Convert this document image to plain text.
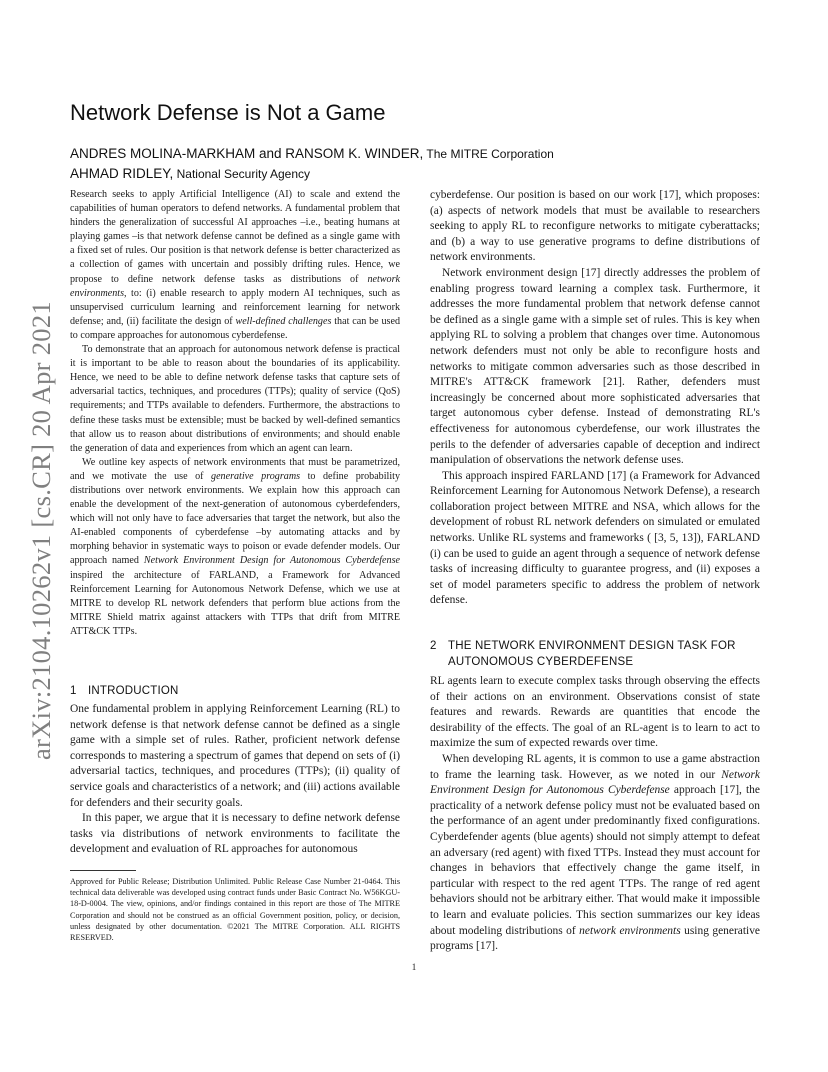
arXiv:2104.10262v1 [cs.CR] 20 Apr 2021
Network Defense is Not a Game
ANDRES MOLINA-MARKHAM and RANSOM K. WINDER, The MITRE Corporation
AHMAD RIDLEY, National Security Agency

Research seeks to apply Artificial Intelligence (AI) to scale and extend the capabilities of human operators to defend networks. A fundamental problem that hinders the generalization of successful AI approaches –i.e., beating humans at playing games –is that network defense cannot be defined as a single game with a fixed set of rules. Our position is that network defense is better characterized as a collection of games with uncertain and possibly drifting rules. Hence, we propose to define network defense tasks as distributions of network environments, to: (i) enable research to apply modern AI techniques, such as unsupervised curriculum learning and reinforcement learning for network defense; and, (ii) facilitate the design of well-defined challenges that can be used to compare approaches for autonomous cyberdefense.

To demonstrate that an approach for autonomous network defense is practical it is important to be able to reason about the boundaries of its applicability. Hence, we need to be able to define network defense tasks that capture sets of adversarial tactics, techniques, and procedures (TTPs); quality of service (QoS) requirements; and TTPs available to defenders. Furthermore, the abstractions to define these tasks must be extensible; must be backed by well-defined semantics that allow us to reason about distributions of environments; and should enable the generation of data and experiences from which an agent can learn.

We outline key aspects of network environments that must be parametrized, and we motivate the use of generative programs to define probability distributions over network environments. We explain how this approach can enable the development of the next-generation of autonomous cyberdefenders, which will not only have to face adversaries that target the network, but also the AI-enabled components of cyberdefense –by automating attacks and by morphing behavior in systematic ways to poison or evade defender models. Our approach named Network Environment Design for Autonomous Cyberdefense inspired the architecture of FARLAND, a Framework for Advanced Reinforcement Learning for Autonomous Network Defense, which we use at MITRE to develop RL network defenders that perform blue actions from the MITRE Shield matrix against attackers with TTPs that drift from MITRE ATT&CK TTPs.

1 INTRODUCTION

One fundamental problem in applying Reinforcement Learning (RL) to network defense is that network defense cannot be defined as a single game with a simple set of rules. Rather, proficient network defense corresponds to mastering a spectrum of games that depend on sets of (i) adversarial tactics, techniques, and procedures (TTPs); (ii) quality of service goals and characteristics of a network; and (iii) actions available for defenders and their security goals.

In this paper, we argue that it is necessary to define network defense tasks via distributions of network environments to facilitate the development and evaluation of RL approaches for autonomous

Approved for Public Release; Distribution Unlimited. Public Release Case Number 21-0464. This technical data deliverable was developed using contract funds under Basic Contract No. W56KGU-18-D-0004. The view, opinions, and/or findings contained in this report are those of The MITRE Corporation and should not be construed as an official Government position, policy, or decision, unless designated by other documentation. ©2021 The MITRE Corporation. ALL RIGHTS RESERVED.

cyberdefense. Our position is based on our work [17], which proposes: (a) aspects of network models that must be available to researchers seeking to apply RL to reconfigure networks to mitigate cyberattacks; and (b) a way to use generative programs to define distributions of network environments.

Network environment design [17] directly addresses the problem of enabling progress toward learning a complex task. Furthermore, it addresses the more fundamental problem that network defense cannot be defined as a single game with a simple set of rules. This is key when applying RL to solving a problem that changes over time. Autonomous network defenders must not only be able to reconfigure hosts and networks to mitigate common adversaries such as those described in MITRE's ATT&CK framework [21]. Rather, defenders must increasingly be concerned about more sophisticated adversaries that target autonomous cyber defense. Instead of demonstrating RL's effectiveness for autonomous cyberdefense, our work illustrates the perils to the defender of adversaries capable of deception and indirect manipulation of observations the network defense uses.

This approach inspired FARLAND [17] (a Framework for Advanced Reinforcement Learning for Autonomous Network Defense), a research collaboration project between MITRE and NSA, which allows for the development of robust RL network defenders on simulated or emulated networks. Unlike RL systems and frameworks ( [3, 5, 13]), FARLAND (i) can be used to guide an agent through a sequence of network defense tasks of increasing difficulty to guarantee progress, and (ii) exposes a set of model parameters specific to address the problem of network defense.

2 THE NETWORK ENVIRONMENT DESIGN TASK FOR
AUTONOMOUS CYBERDEFENSE

RL agents learn to execute complex tasks through observing the effects of their actions on an environment. Observations consist of state features and rewards. Rewards are quantities that encode the desirability of the effects. The goal of an RL-agent is to learn to act to maximize the sum of expected rewards over time.

When developing RL agents, it is common to use a game abstraction to frame the learning task. However, as we noted in our Network Environment Design for Autonomous Cyberdefense approach [17], the practicality of a network defense policy must not be evaluated based on the performance of an agent under predominantly fixed configurations. Cyberdefender agents (blue agents) should not simply attempt to defeat an adversary (red agent) with fixed TTPs. Instead they must account for changes in behaviors that effectively change the game itself, in particular with respect to the red agent TTPs. The range of red agent behaviors should not be arbitrary either. That would make it impossible to learn and evaluate policies. This section summarizes our key ideas about modeling distributions of network environments using generative programs [17].

1
